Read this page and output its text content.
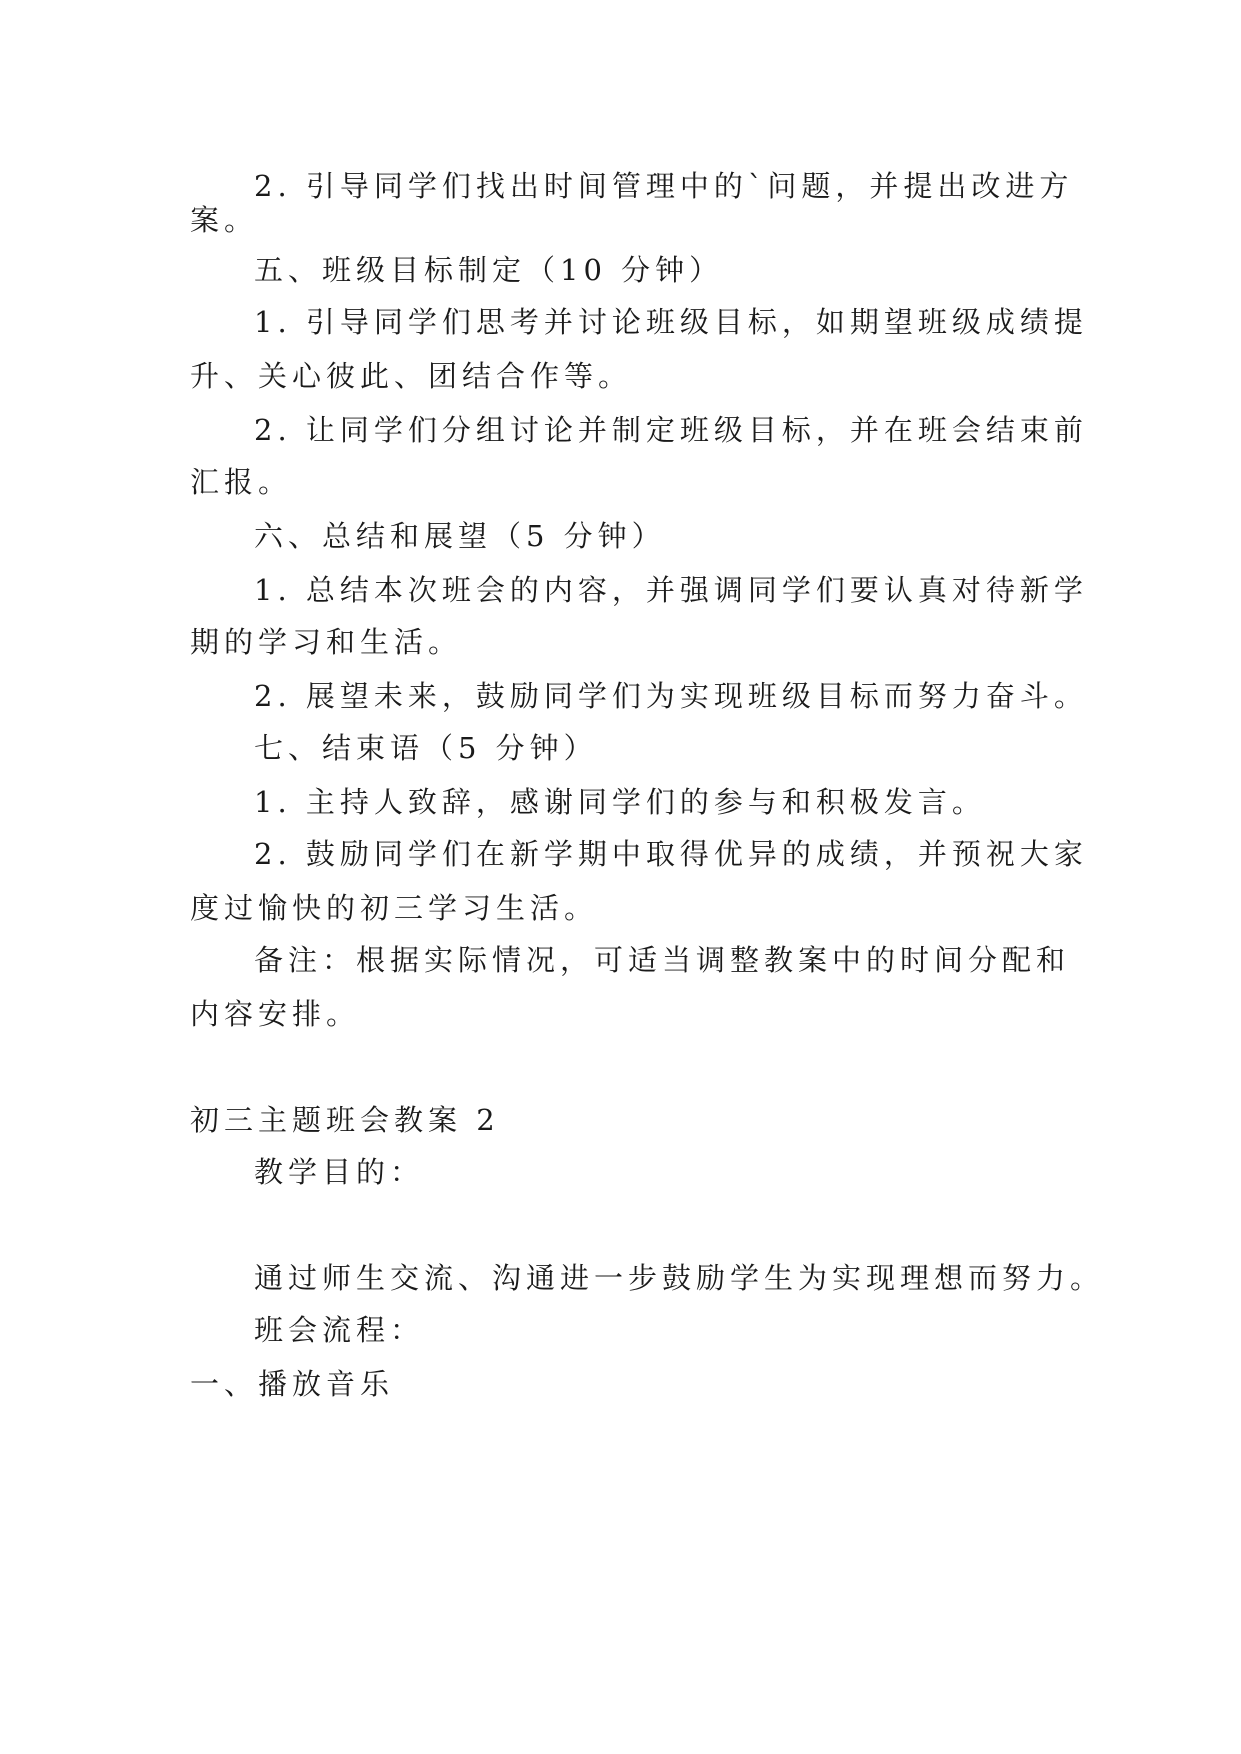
2. 引导同学们找出时间管理中的`问题，并提出改进方
案。
五、班级目标制定（10 分钟）
1. 引导同学们思考并讨论班级目标，如期望班级成绩提
升、关心彼此、团结合作等。
2. 让同学们分组讨论并制定班级目标，并在班会结束前
汇报。
六、总结和展望（5 分钟）
1. 总结本次班会的内容，并强调同学们要认真对待新学
期的学习和生活。
2. 展望未来，鼓励同学们为实现班级目标而努力奋斗。
七、结束语（5 分钟）
1. 主持人致辞，感谢同学们的参与和积极发言。
2. 鼓励同学们在新学期中取得优异的成绩，并预祝大家
度过愉快的初三学习生活。
备注：根据实际情况，可适当调整教案中的时间分配和
内容安排。
初三主题班会教案 2
教学目的：
通过师生交流、沟通进一步鼓励学生为实现理想而努力。
班会流程：
一、播放音乐
